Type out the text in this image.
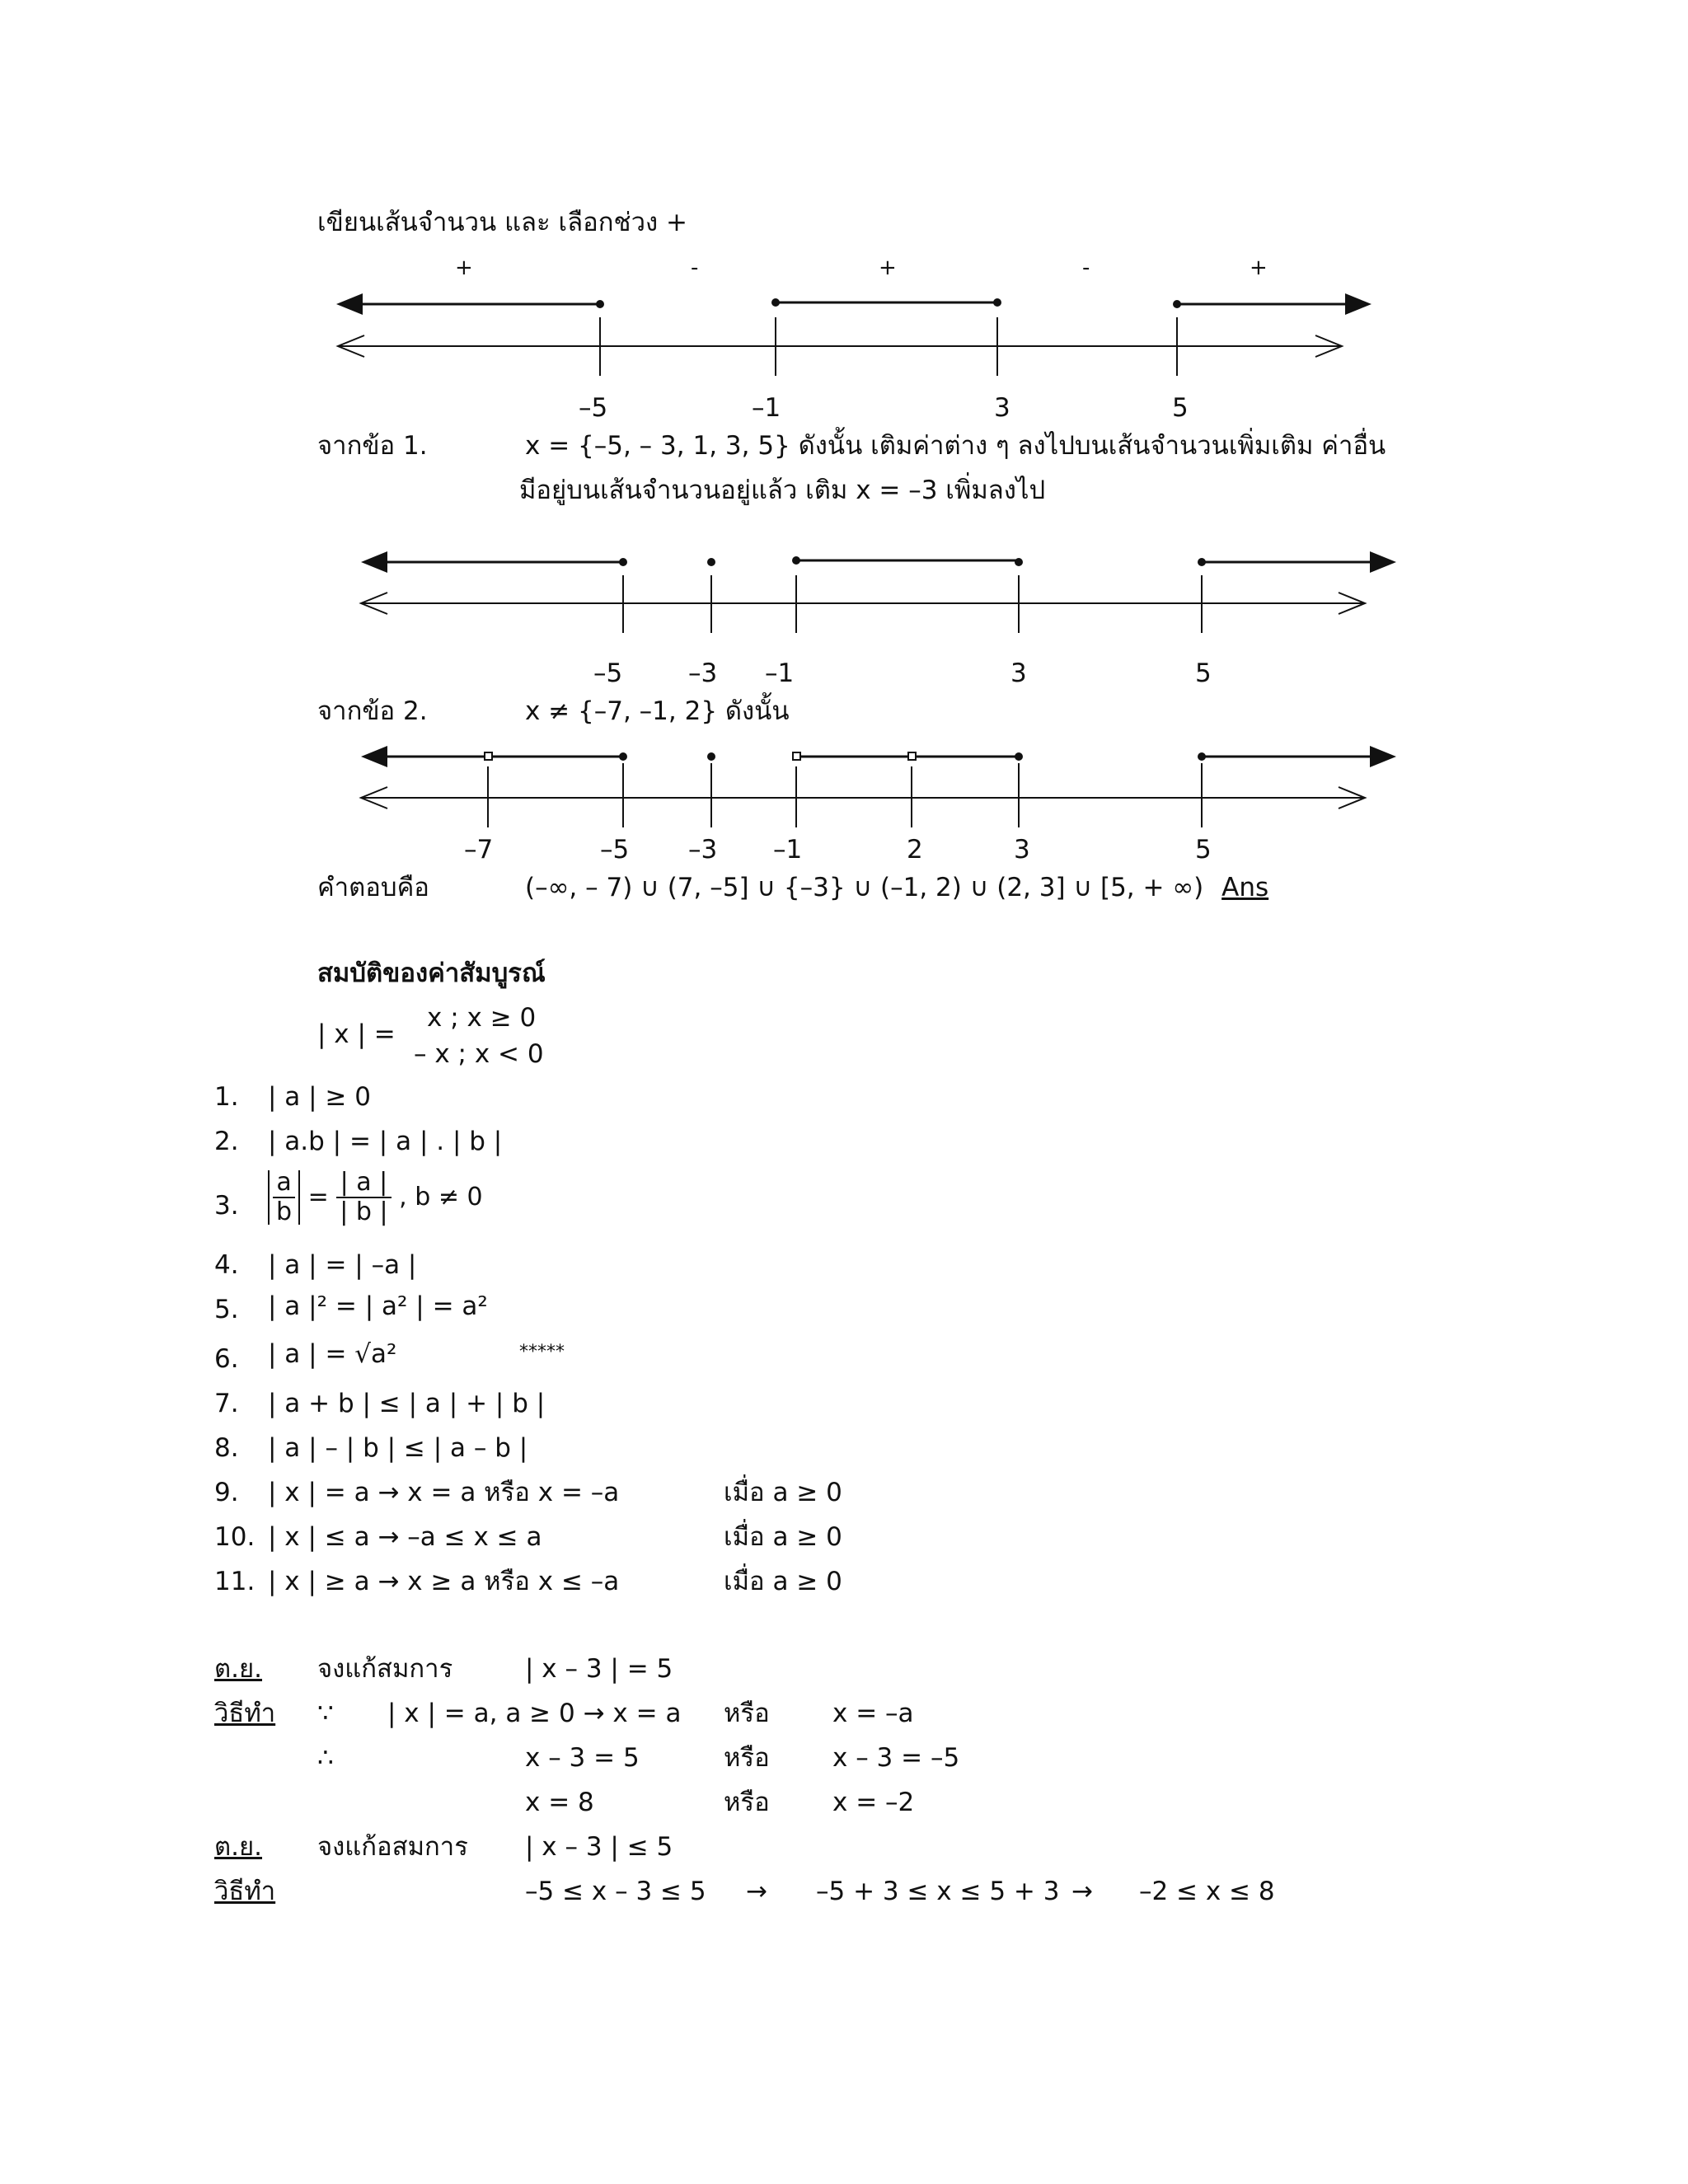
เขียนเส้นจำนวน และ เลือกช่วง +
+	-	+	-	+
–5	–1	3	5
จากข้อ 1.	x = {–5, – 3, 1, 3, 5} ดังนั้น เติมค่าต่าง ๆ ลงไปบนเส้นจำนวนเพิ่มเติม ค่าอื่น
มีอยู่บนเส้นจำนวนอยู่แล้ว เติม x = –3 เพิ่มลงไป
–5	–3 –1	3	5
จากข้อ 2.	x ≠ {–7, –1, 2} ดังนั้น
–7	–5 –3 –1	2	3	5
คำตอบคือ	(–∞, – 7) ∪ (7, –5] ∪ {–3} ∪ (–1, 2) ∪ (2, 3] ∪ [5, + ∞) Ans
สมบัติของค่าสัมบูรณ์
| x | =
x ; x ≥ 0
– x ; x < 0
1. | a | ≥ 0
2. | a.b | = | a | . | b |
3. $\frac{a}{b} = \frac{| a |}{| b |}$ , b ≠ 0
4. | a | = | –a |
5. | a |² = | a² | = a²
6. | a | = √a²	*****
7. | a + b | ≤ | a | + | b |
8. | a | – | b | ≤ | a – b |
9. | x | = a → x = a หรือ x = –a	เมื่อ a ≥ 0
10. | x | ≤ a → –a ≤ x ≤ a	เมื่อ a ≥ 0
11. | x | ≥ a → x ≥ a หรือ x ≤ –a	เมื่อ a ≥ 0
ต.ย. จงแก้สมการ	| x – 3 | = 5
วิธีทำ ∵ | x | = a, a ≥ 0 → x = a หรือ x = –a
∴	x – 3 = 5	หรือ x – 3 = –5
x = 8	หรือ x = –2
ต.ย. จงแก้อสมการ | x – 3 | ≤ 5
วิธีทำ	–5 ≤ x – 3 ≤ 5 → –5 + 3 ≤ x ≤ 5 + 3 → –2 ≤ x ≤ 8
